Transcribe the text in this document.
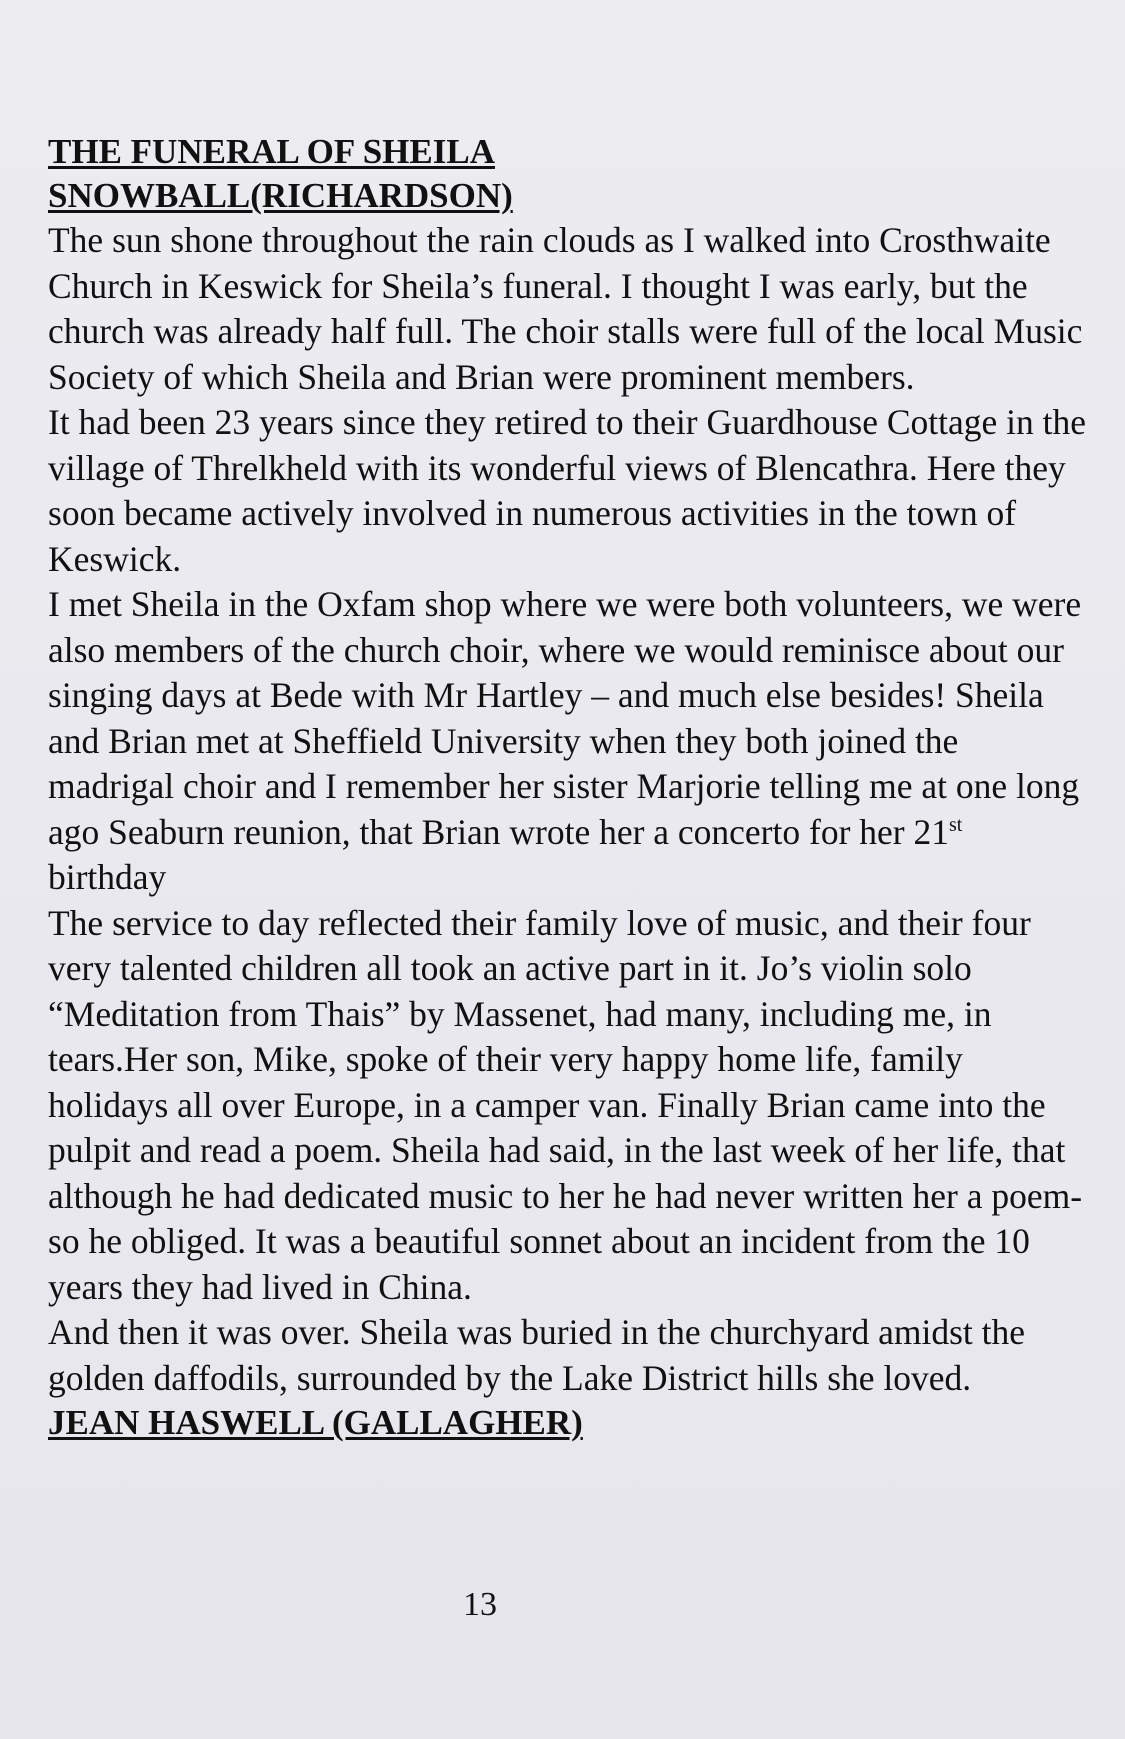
THE FUNERAL OF SHEILA SNOWBALL(RICHARDSON)

The sun shone throughout the rain clouds as I walked into Crosthwaite Church in Keswick for Sheila’s funeral. I thought I was early, but the church was already half full. The choir stalls were full of the local Music Society of which Sheila and Brian were prominent members.

It had been 23 years since they retired to their Guardhouse Cottage in the village of Threlkheld with its wonderful views of Blencathra. Here they soon became actively involved in numerous activities in the town of Keswick.

I met Sheila in the Oxfam shop where we were both volunteers, we were also members of the church choir, where we would reminisce about our singing days at Bede with Mr Hartley – and much else besides! Sheila and Brian met at Sheffield University when they both joined the madrigal choir and I remember her sister Marjorie telling me at one long ago Seaburn reunion, that Brian wrote her a concerto for her 21st birthday

The service to day reflected their family love of music, and their four very talented children all took an active part in it. Jo’s violin solo “Meditation from Thais” by Massenet, had many, including me, in tears.Her son, Mike, spoke of their very happy home life, family holidays all over Europe, in a camper van. Finally Brian came into the pulpit and read a poem. Sheila had said, in the last week of her life, that although he had dedicated music to her he had never written her a poem-so he obliged. It was a beautiful sonnet about an incident from the 10 years they had lived in China.

And then it was over. Sheila was buried in the churchyard amidst the golden daffodils, surrounded by the Lake District hills she loved.

JEAN HASWELL (GALLAGHER)

13
